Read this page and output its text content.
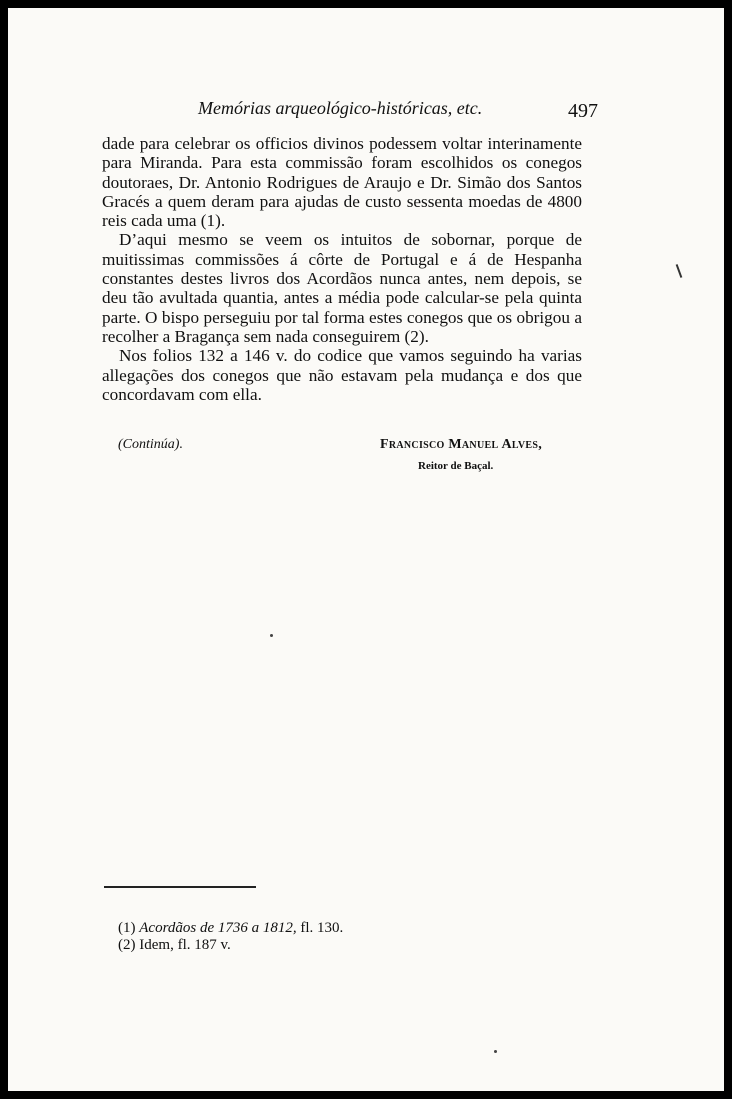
Memórias arqueológico-históricas, etc.	497

dade para celebrar os officios divinos podessem voltar interinamente para Miranda. Para esta commissão foram escolhidos os conegos doutoraes, Dr. Antonio Rodrigues de Araujo e Dr. Simão dos Santos Gracés a quem deram para ajudas de custo sessenta moedas de 4800 reis cada uma (1).

D’aqui mesmo se veem os intuitos de sobornar, porque de muitissimas commissões á côrte de Portugal e á de Hespanha constantes destes livros dos Acordãos nunca antes, nem depois, se deu tão avultada quantia, antes a média pode calcular-se pela quinta parte. O bispo perseguiu por tal forma estes conegos que os obrigou a recolher a Bragança sem nada conseguirem (2).

Nos folios 132 a 146 v. do codice que vamos seguindo ha varias allegações dos conegos que não estavam pela mudança e dos que concordavam com ella.

(Continúa).	Francisco Manuel Alves,
Reitor de Baçal.
(1) Acordãos de 1736 a 1812, fl. 130.
(2) Idem, fl. 187 v.
